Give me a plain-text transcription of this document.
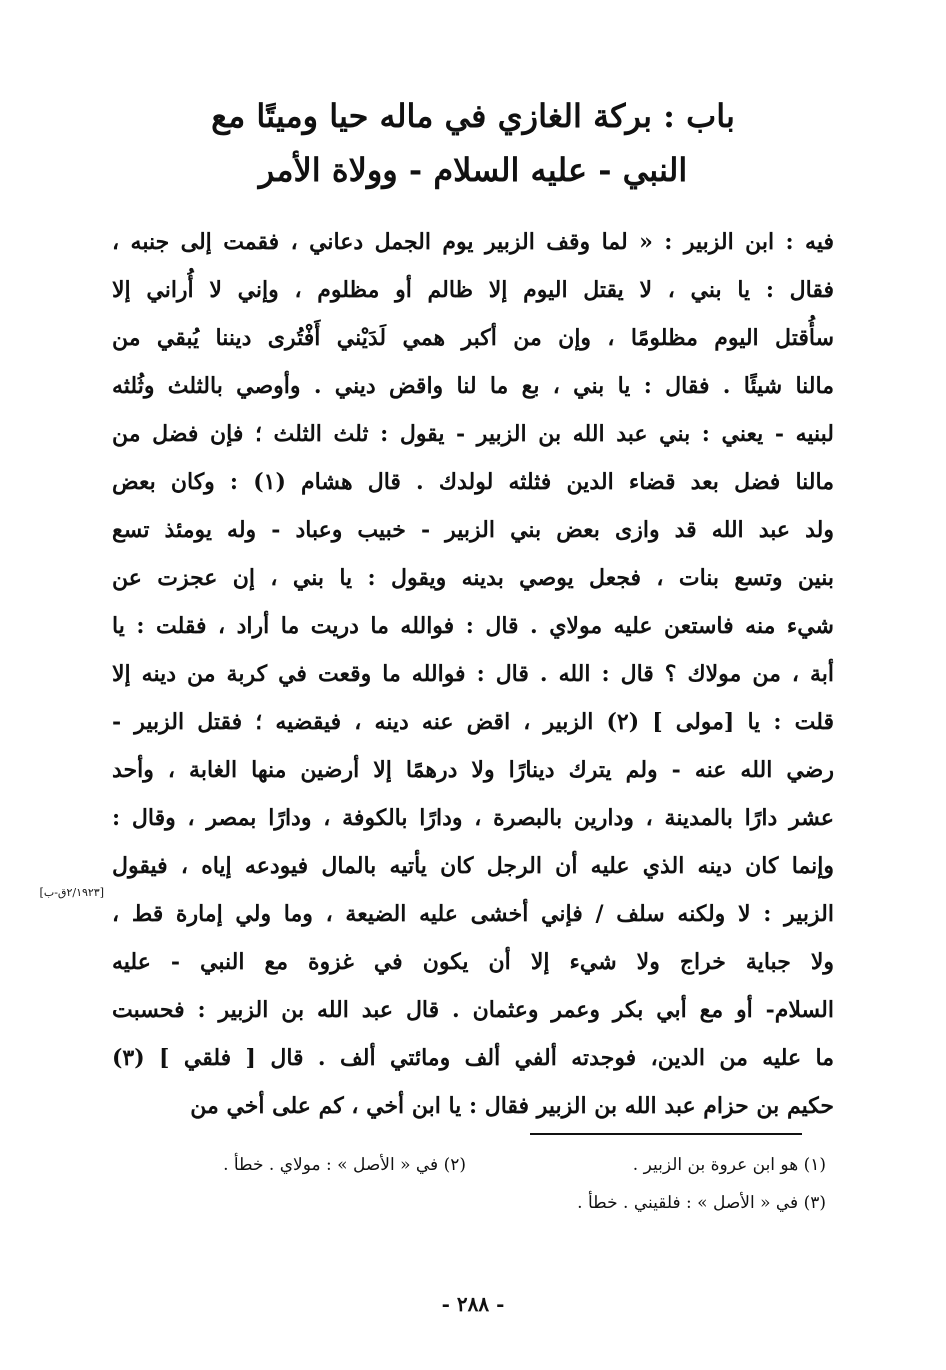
باب : بركة الغازي في ماله حيا وميتًا مع
النبي - عليه السلام - وولاة الأمر
فيه : ابن الزبير : « لما وقف الزبير يوم الجمل دعاني ، فقمت إلى جنبه ،
فقال : يا بني ، لا يقتل اليوم إلا ظالم أو مظلوم ، وإني لا أُراني إلا
سأُقتل اليوم مظلومًا ، وإن من أكبر همي لَدَيْني أَفْتُرى ديننا يُبقي من
مالنا شيئًا . فقال : يا بني ، بع ما لنا واقض ديني . وأوصي بالثلث وثُلثه
لبنيه - يعني : بني عبد الله بن الزبير - يقول : ثلث الثلث ؛ فإن فضل من
مالنا فضل بعد قضاء الدين فثلثه لولدك . قال هشام (١) : وكان بعض
ولد عبد الله قد وازى بعض بني الزبير - خبيب وعباد - وله يومئذ تسع
بنين وتسع بنات ، فجعل يوصي بدينه ويقول : يا بني ، إن عجزت عن
شيء منه فاستعن عليه مولاي . قال : فوالله ما دريت ما أراد ، فقلت : يا
أبة ، من مولاك ؟ قال : الله . قال : فوالله ما وقعت في كربة من دينه إلا
قلت : يا [مولى ] (٢) الزبير ، اقض عنه دينه ، فيقضيه ؛ فقتل الزبير -
رضي الله عنه - ولم يترك دينارًا ولا درهمًا إلا أرضين منها الغابة ، وأحد
عشر دارًا بالمدينة ، ودارين بالبصرة ، ودارًا بالكوفة ، ودارًا بمصر ، وقال :
وإنما كان دينه الذي عليه أن الرجل كان يأتيه بالمال فيودعه إياه ، فيقول
الزبير : لا ولكنه سلف / فإني أخشى عليه الضيعة ، وما ولي إمارة قط ،
ولا جباية خراج ولا شيء إلا أن يكون في غزوة مع النبي - عليه
السلام- أو مع أبي بكر وعمر وعثمان . قال عبد الله بن الزبير : فحسبت
ما عليه من الدين، فوجدته ألفي ألف ومائتي ألف . قال [ فلقي ] (٣)
حكيم بن حزام عبد الله بن الزبير فقال : يا ابن أخي ، كم على أخي من
[٢/١٩٢٣ق-ب]
(١) هو ابن عروة بن الزبير .
(٢) في « الأصل » : مولاي . خطأ .
(٣) في « الأصل » : فلقيني . خطأ .
- ٢٨٨ -
